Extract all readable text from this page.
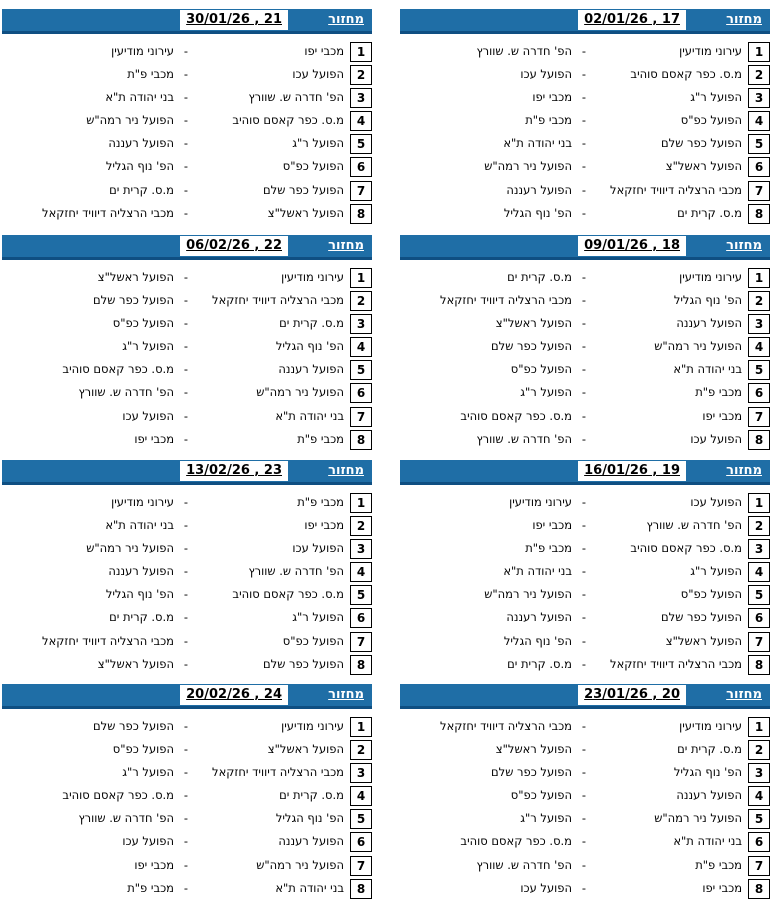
מחזור
02/01/26 , 17
1
עירוני מודיעין
-
הפ' חדרה ש. שוורץ
2
מ.ס. כפר קאסם סוהיב
-
הפועל עכו
3
הפועל ר"ג
-
מכבי יפו
4
הפועל כפ"ס
-
מכבי פ"ת
5
הפועל כפר שלם
-
בני יהודה ת"א
6
הפועל ראשל"צ
-
הפועל ניר רמה"ש
7
מכבי הרצליה דיוויד יחזקאל
-
הפועל רעננה
8
מ.ס. קרית ים
-
הפ' נוף הגליל
מחזור
30/01/26 , 21
1
מכבי יפו
-
עירוני מודיעין
2
הפועל עכו
-
מכבי פ"ת
3
הפ' חדרה ש. שוורץ
-
בני יהודה ת"א
4
מ.ס. כפר קאסם סוהיב
-
הפועל ניר רמה"ש
5
הפועל ר"ג
-
הפועל רעננה
6
הפועל כפ"ס
-
הפ' נוף הגליל
7
הפועל כפר שלם
-
מ.ס. קרית ים
8
הפועל ראשל"צ
-
מכבי הרצליה דיוויד יחזקאל
מחזור
09/01/26 , 18
1
עירוני מודיעין
-
מ.ס. קרית ים
2
הפ' נוף הגליל
-
מכבי הרצליה דיוויד יחזקאל
3
הפועל רעננה
-
הפועל ראשל"צ
4
הפועל ניר רמה"ש
-
הפועל כפר שלם
5
בני יהודה ת"א
-
הפועל כפ"ס
6
מכבי פ"ת
-
הפועל ר"ג
7
מכבי יפו
-
מ.ס. כפר קאסם סוהיב
8
הפועל עכו
-
הפ' חדרה ש. שוורץ
מחזור
06/02/26 , 22
1
עירוני מודיעין
-
הפועל ראשל"צ
2
מכבי הרצליה דיוויד יחזקאל
-
הפועל כפר שלם
3
מ.ס. קרית ים
-
הפועל כפ"ס
4
הפ' נוף הגליל
-
הפועל ר"ג
5
הפועל רעננה
-
מ.ס. כפר קאסם סוהיב
6
הפועל ניר רמה"ש
-
הפ' חדרה ש. שוורץ
7
בני יהודה ת"א
-
הפועל עכו
8
מכבי פ"ת
-
מכבי יפו
מחזור
16/01/26 , 19
1
הפועל עכו
-
עירוני מודיעין
2
הפ' חדרה ש. שוורץ
-
מכבי יפו
3
מ.ס. כפר קאסם סוהיב
-
מכבי פ"ת
4
הפועל ר"ג
-
בני יהודה ת"א
5
הפועל כפ"ס
-
הפועל ניר רמה"ש
6
הפועל כפר שלם
-
הפועל רעננה
7
הפועל ראשל"צ
-
הפ' נוף הגליל
8
מכבי הרצליה דיוויד יחזקאל
-
מ.ס. קרית ים
מחזור
13/02/26 , 23
1
מכבי פ"ת
-
עירוני מודיעין
2
מכבי יפו
-
בני יהודה ת"א
3
הפועל עכו
-
הפועל ניר רמה"ש
4
הפ' חדרה ש. שוורץ
-
הפועל רעננה
5
מ.ס. כפר קאסם סוהיב
-
הפ' נוף הגליל
6
הפועל ר"ג
-
מ.ס. קרית ים
7
הפועל כפ"ס
-
מכבי הרצליה דיוויד יחזקאל
8
הפועל כפר שלם
-
הפועל ראשל"צ
מחזור
23/01/26 , 20
1
עירוני מודיעין
-
מכבי הרצליה דיוויד יחזקאל
2
מ.ס. קרית ים
-
הפועל ראשל"צ
3
הפ' נוף הגליל
-
הפועל כפר שלם
4
הפועל רעננה
-
הפועל כפ"ס
5
הפועל ניר רמה"ש
-
הפועל ר"ג
6
בני יהודה ת"א
-
מ.ס. כפר קאסם סוהיב
7
מכבי פ"ת
-
הפ' חדרה ש. שוורץ
8
מכבי יפו
-
הפועל עכו
מחזור
20/02/26 , 24
1
עירוני מודיעין
-
הפועל כפר שלם
2
הפועל ראשל"צ
-
הפועל כפ"ס
3
מכבי הרצליה דיוויד יחזקאל
-
הפועל ר"ג
4
מ.ס. קרית ים
-
מ.ס. כפר קאסם סוהיב
5
הפ' נוף הגליל
-
הפ' חדרה ש. שוורץ
6
הפועל רעננה
-
הפועל עכו
7
הפועל ניר רמה"ש
-
מכבי יפו
8
בני יהודה ת"א
-
מכבי פ"ת
